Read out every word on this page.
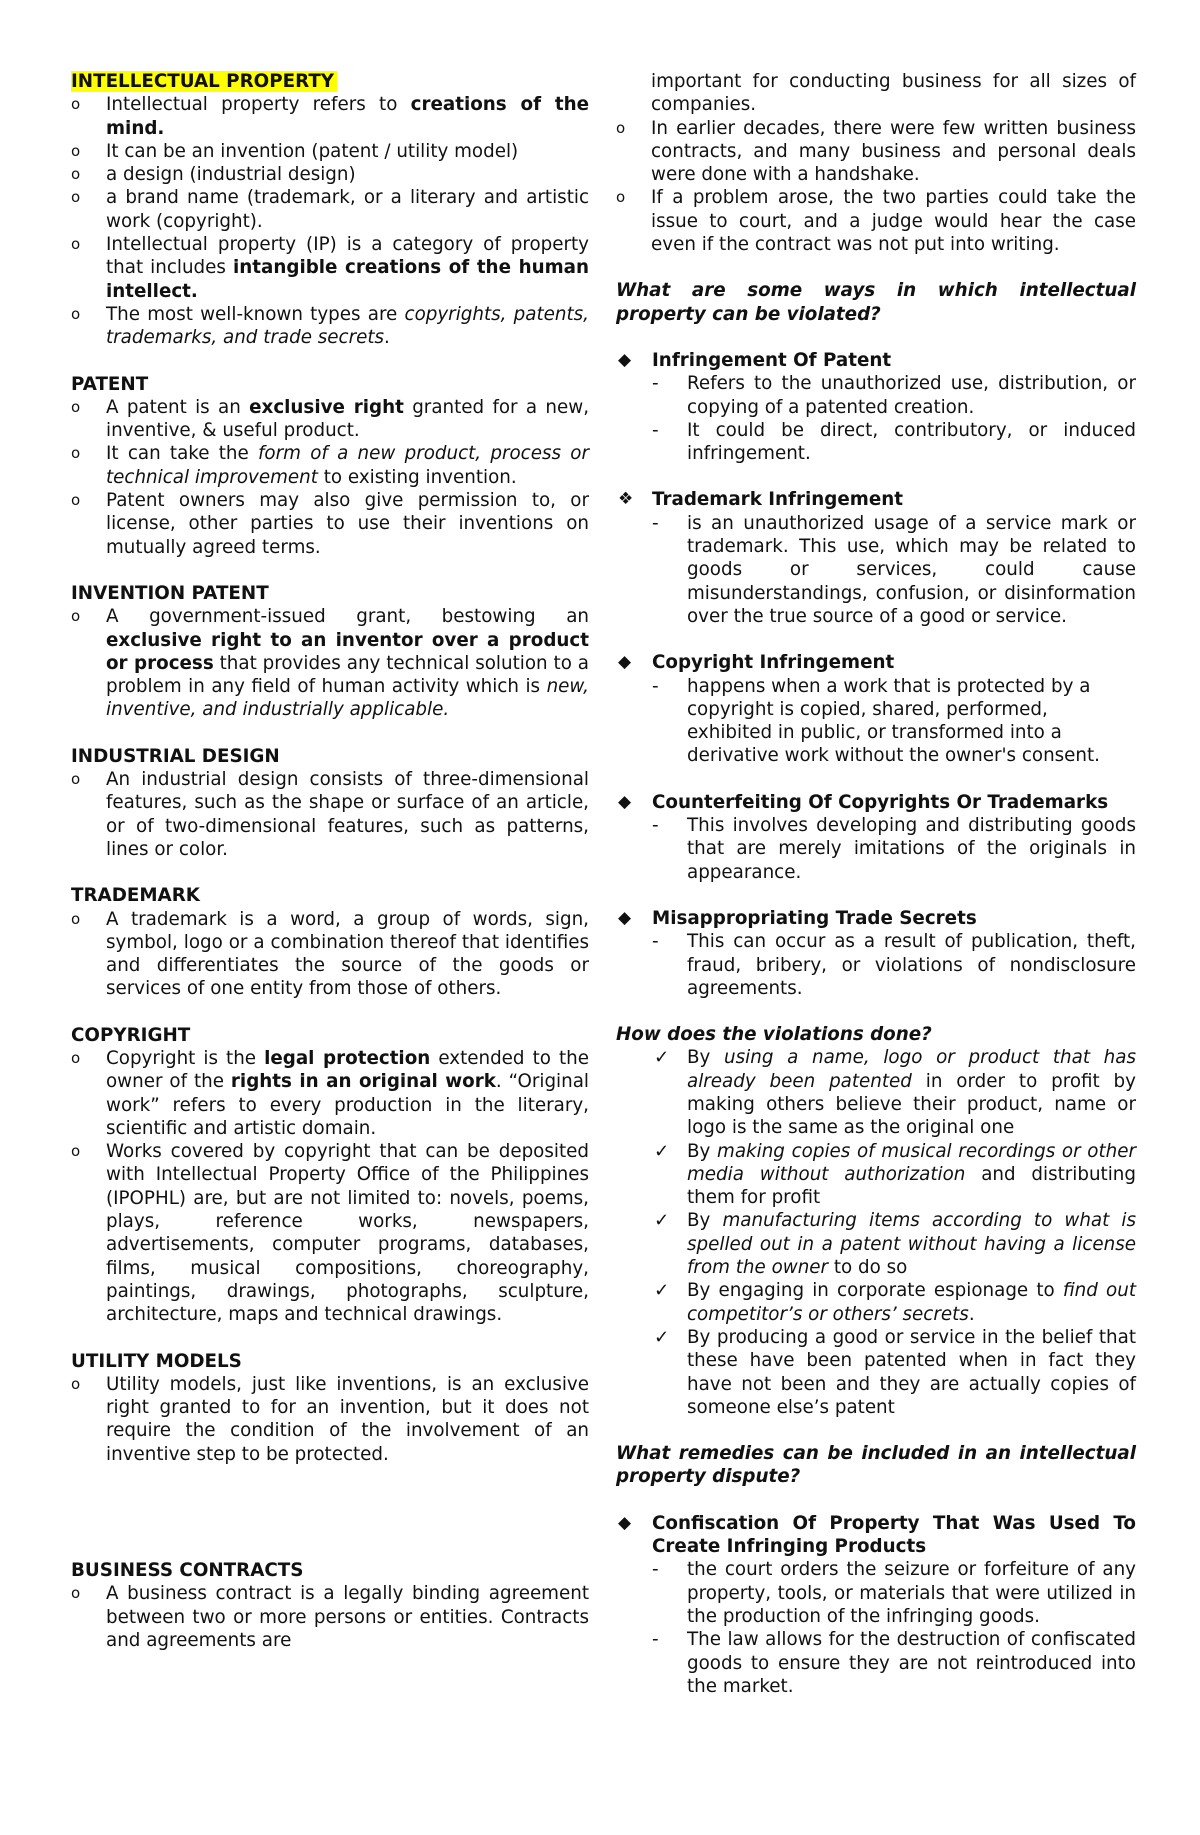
INTELLECTUAL PROPERTY
o Intellectual property refers to creations of the mind.
o It can be an invention (patent / utility model)
o a design (industrial design)
o a brand name (trademark, or a literary and artistic work (copyright).
o Intellectual property (IP) is a category of property that includes intangible creations of the human intellect.
o The most well-known types are copyrights, patents, trademarks, and trade secrets.
PATENT
o A patent is an exclusive right granted for a new, inventive, & useful product.
o It can take the form of a new product, process or technical improvement to existing invention.
o Patent owners may also give permission to, or license, other parties to use their inventions on mutually agreed terms.
INVENTION PATENT
o A government-issued grant, bestowing an exclusive right to an inventor over a product or process that provides any technical solution to a problem in any field of human activity which is new, inventive, and industrially applicable.
INDUSTRIAL DESIGN
o An industrial design consists of three-dimensional features, such as the shape or surface of an article, or of two-dimensional features, such as patterns, lines or color.
TRADEMARK
o A trademark is a word, a group of words, sign, symbol, logo or a combination thereof that identifies and differentiates the source of the goods or services of one entity from those of others.
COPYRIGHT
o Copyright is the legal protection extended to the owner of the rights in an original work. “Original work” refers to every production in the literary, scientific and artistic domain.
o Works covered by copyright that can be deposited with Intellectual Property Office of the Philippines (IPOPHL) are, but are not limited to: novels, poems, plays, reference works, newspapers, advertisements, computer programs, databases, films, musical compositions, choreography, paintings, drawings, photographs, sculpture, architecture, maps and technical drawings.
UTILITY MODELS
o Utility models, just like inventions, is an exclusive right granted to for an invention, but it does not require the condition of the involvement of an inventive step to be protected.
BUSINESS CONTRACTS
o A business contract is a legally binding agreement between two or more persons or entities. Contracts and agreements are
important for conducting business for all sizes of companies.
o In earlier decades, there were few written business contracts, and many business and personal deals were done with a handshake.
o If a problem arose, the two parties could take the issue to court, and a judge would hear the case even if the contract was not put into writing.
What are some ways in which intellectual property can be violated?
◆ Infringement Of Patent
- Refers to the unauthorized use, distribution, or copying of a patented creation.
- It could be direct, contributory, or induced infringement.
❖ Trademark Infringement
- is an unauthorized usage of a service mark or trademark. This use, which may be related to goods or services, could cause misunderstandings, confusion, or disinformation over the true source of a good or service.
◆ Copyright Infringement
- happens when a work that is protected by a copyright is copied, shared, performed, exhibited in public, or transformed into a derivative work without the owner's consent.
◆ Counterfeiting Of Copyrights Or Trademarks
- This involves developing and distributing goods that are merely imitations of the originals in appearance.
◆ Misappropriating Trade Secrets
- This can occur as a result of publication, theft, fraud, bribery, or violations of nondisclosure agreements.
How does the violations done?
✓ By using a name, logo or product that has already been patented in order to profit by making others believe their product, name or logo is the same as the original one
✓ By making copies of musical recordings or other media without authorization and distributing them for profit
✓ By manufacturing items according to what is spelled out in a patent without having a license from the owner to do so
✓ By engaging in corporate espionage to find out competitor’s or others’ secrets.
✓ By producing a good or service in the belief that these have been patented when in fact they have not been and they are actually copies of someone else’s patent
What remedies can be included in an intellectual property dispute?
◆ Confiscation Of Property That Was Used To Create Infringing Products
- the court orders the seizure or forfeiture of any property, tools, or materials that were utilized in the production of the infringing goods.
- The law allows for the destruction of confiscated goods to ensure they are not reintroduced into the market.
